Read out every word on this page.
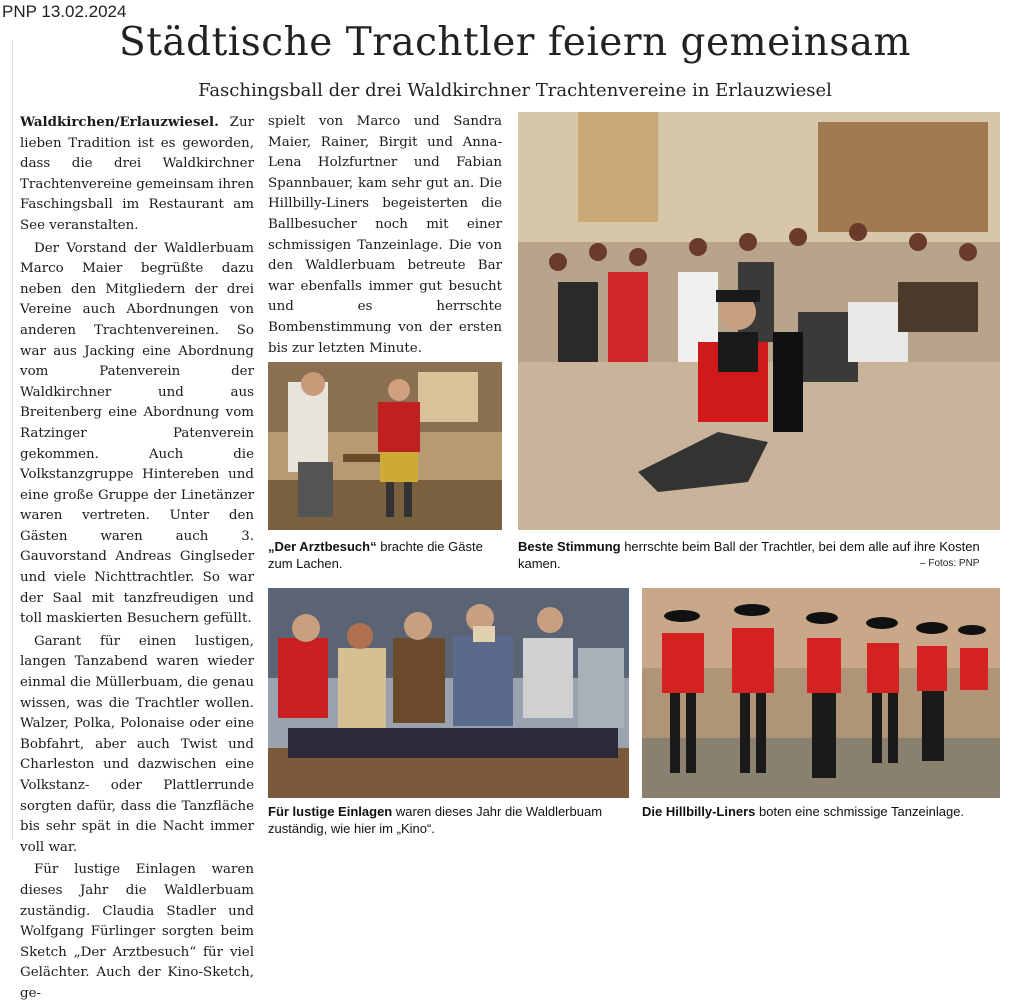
PNP 13.02.2024
Städtische Trachtler feiern gemeinsam
Faschingsball der drei Waldkirchner Trachtenvereine in Erlauzwiesel

Waldkirchen/Erlauzwiesel. Zur lieben Tradition ist es geworden, dass die drei Waldkirchner Trachtenvereine gemeinsam ihren Faschingsball im Restaurant am See veranstalten.

Der Vorstand der Waldlerbuam Marco Maier begrüßte dazu neben den Mitgliedern der drei Vereine auch Abordnungen von anderen Trachtenvereinen. So war aus Jacking eine Abordnung vom Patenverein der Waldkirchner und aus Breitenberg eine Abordnung vom Ratzinger Patenverein gekommen. Auch die Volkstanzgruppe Hintereben und eine große Gruppe der Linetänzer waren vertreten. Unter den Gästen waren auch 3. Gauvorstand Andreas Ginglseder und viele Nichttrachtler. So war der Saal mit tanzfreudigen und toll maskierten Besuchern gefüllt.

Garant für einen lustigen, langen Tanzabend waren wieder einmal die Müllerbuam, die genau wissen, was die Trachtler wollen. Walzer, Polka, Polonaise oder eine Bobfahrt, aber auch Twist und Charleston und dazwischen eine Volkstanz- oder Plattlerrunde sorgten dafür, dass die Tanzfläche bis sehr spät in die Nacht immer voll war.

Für lustige Einlagen waren dieses Jahr die Waldlerbuam zuständig. Claudia Stadler und Wolfgang Fürlinger sorgten beim Sketch „Der Arztbesuch“ für viel Gelächter. Auch der Kino-Sketch, ge-

spielt von Marco und Sandra Maier, Rainer, Birgit und Anna-Lena Holzfurtner und Fabian Spannbauer, kam sehr gut an. Die Hillbilly-Liners begeisterten die Ballbesucher noch mit einer schmissigen Tanzeinlage. Die von den Waldlerbuam betreute Bar war ebenfalls immer gut besucht und es herrschte Bombenstimmung von der ersten bis zur letzten Minute.

„Der Arztbesuch“ brachte die Gäste zum Lachen.
Beste Stimmung herrschte beim Ball der Trachtler, bei dem alle auf ihre Kosten kamen.	– Fotos: PNP
Für lustige Einlagen waren dieses Jahr die Waldlerbuam zuständig, wie hier im „Kino“.
Die Hillbilly-Liners boten eine schmissige Tanzeinlage.
